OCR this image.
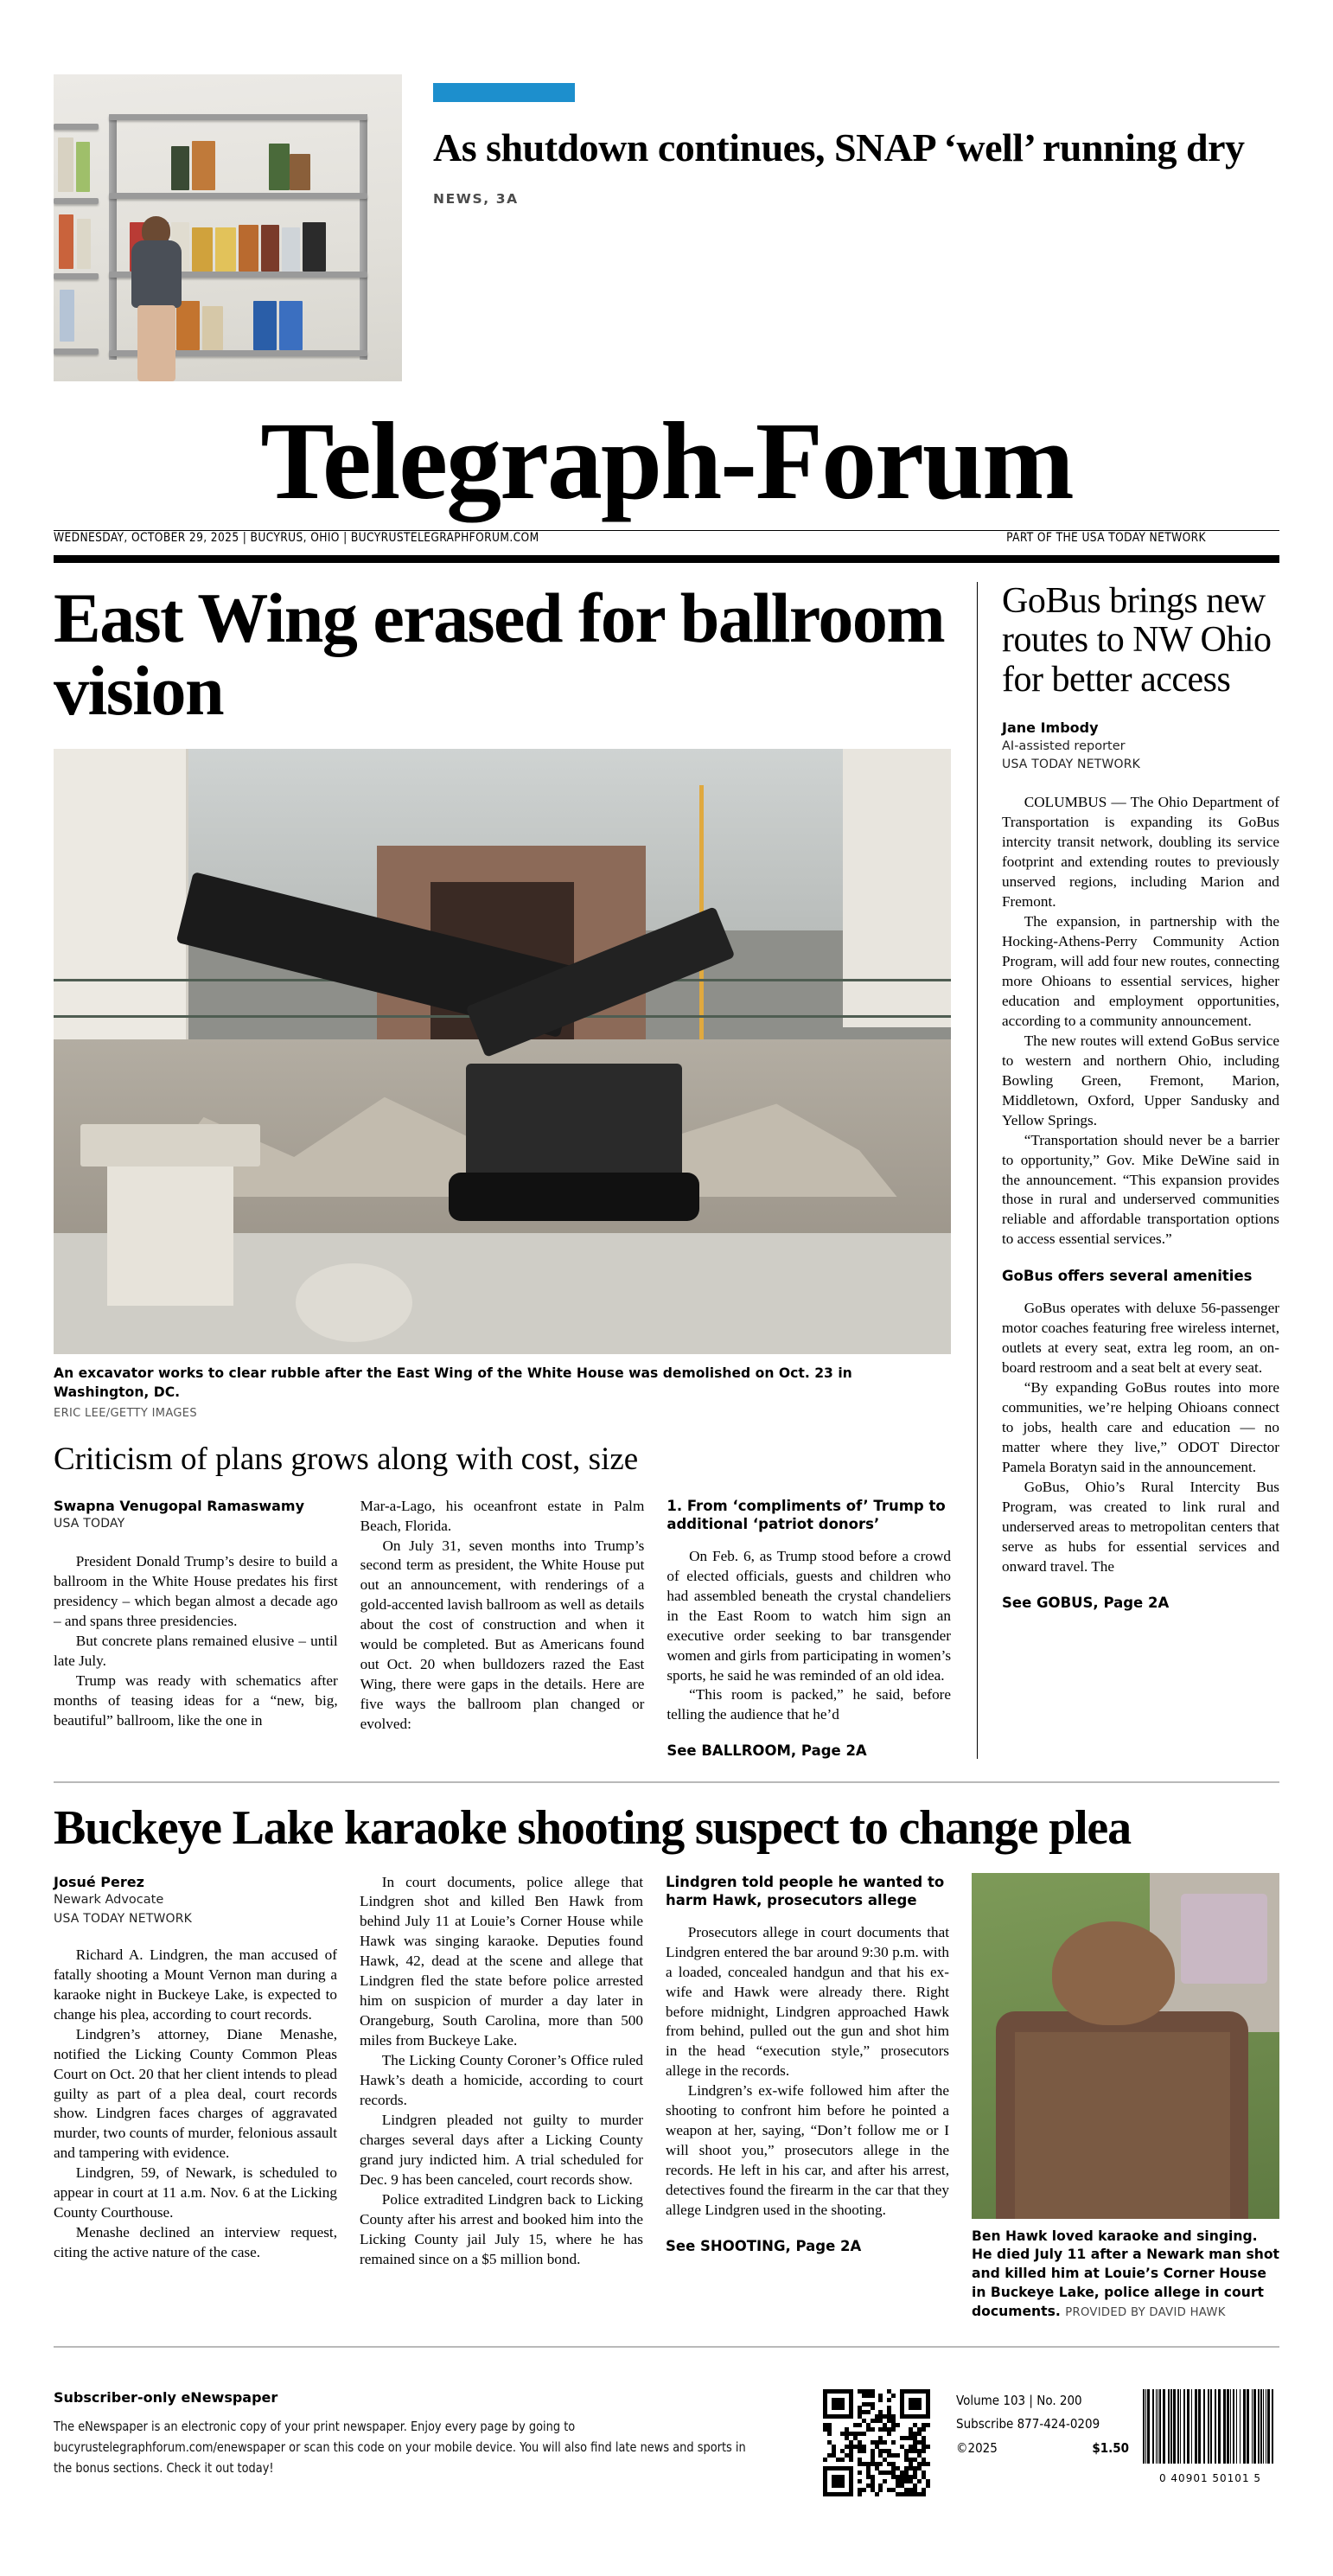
As shutdown continues, SNAP ‘well’ running dry
NEWS, 3A
Telegraph-Forum
WEDNESDAY, OCTOBER 29, 2025 | BUCYRUS, OHIO | BUCYRUSTELEGRAPHFORUM.COM	PART OF THE USA TODAY NETWORK
East Wing erased for ballroom vision
An excavator works to clear rubble after the East Wing of the White House was demolished on Oct. 23 in Washington, DC.
ERIC LEE/GETTY IMAGES
Criticism of plans grows along with cost, size
Swapna Venugopal Ramaswamy
USA TODAY

President Donald Trump’s desire to build a ballroom in the White House predates his first presidency – which began almost a decade ago – and spans three presidencies.

But concrete plans remained elusive – until late July.

Trump was ready with schematics after months of teasing ideas for a “new, big, beautiful” ballroom, like the one in

Mar-a-Lago, his oceanfront estate in Palm Beach, Florida.

On July 31, seven months into Trump’s second term as president, the White House put out an announcement, with renderings of a gold-accented lavish ballroom as well as details about the cost of construction and when it would be completed. But as Americans found out Oct. 20 when bulldozers razed the East Wing, there were gaps in the details. Here are five ways the ballroom plan changed or evolved:

1. From ‘compliments of’ Trump to additional ‘patriot donors’

On Feb. 6, as Trump stood before a crowd of elected officials, guests and children who had assembled beneath the crystal chandeliers in the East Room to watch him sign an executive order seeking to bar transgender women and girls from participating in women’s sports, he said he was reminded of an old idea.

“This room is packed,” he said, before telling the audience that he’d

See BALLROOM, Page 2A
GoBus brings new routes to NW Ohio for better access
Jane Imbody
AI-assisted reporter
USA TODAY NETWORK

COLUMBUS — The Ohio Department of Transportation is expanding its GoBus intercity transit network, doubling its service footprint and extending routes to previously unserved regions, including Marion and Fremont.

The expansion, in partnership with the Hocking-Athens-Perry Community Action Program, will add four new routes, connecting more Ohioans to essential services, higher education and employment opportunities, according to a community announcement.

The new routes will extend GoBus service to western and northern Ohio, including Bowling Green, Fremont, Marion, Middletown, Oxford, Upper Sandusky and Yellow Springs.

“Transportation should never be a barrier to opportunity,” Gov. Mike DeWine said in the announcement. “This expansion provides those in rural and underserved communities reliable and affordable transportation options to access essential services.”

GoBus offers several amenities

GoBus operates with deluxe 56-passenger motor coaches featuring free wireless internet, outlets at every seat, extra leg room, an on-board restroom and a seat belt at every seat.

“By expanding GoBus routes into more communities, we’re helping Ohioans connect to jobs, health care and education — no matter where they live,” ODOT Director Pamela Boratyn said in the announcement.

GoBus, Ohio’s Rural Intercity Bus Program, was created to link rural and underserved areas to metropolitan centers that serve as hubs for essential services and onward travel. The

See GOBUS, Page 2A
Buckeye Lake karaoke shooting suspect to change plea
Josué Perez
Newark Advocate
USA TODAY NETWORK

Richard A. Lindgren, the man accused of fatally shooting a Mount Vernon man during a karaoke night in Buckeye Lake, is expected to change his plea, according to court records.

Lindgren’s attorney, Diane Menashe, notified the Licking County Common Pleas Court on Oct. 20 that her client intends to plead guilty as part of a plea deal, court records show. Lindgren faces charges of aggravated murder, two counts of murder, felonious assault and tampering with evidence.

Lindgren, 59, of Newark, is scheduled to appear in court at 11 a.m. Nov. 6 at the Licking County Courthouse.

Menashe declined an interview request, citing the active nature of the case.

In court documents, police allege that Lindgren shot and killed Ben Hawk from behind July 11 at Louie’s Corner House while Hawk was singing karaoke. Deputies found Hawk, 42, dead at the scene and allege that Lindgren fled the state before police arrested him on suspicion of murder a day later in Orangeburg, South Carolina, more than 500 miles from Buckeye Lake.

The Licking County Coroner’s Office ruled Hawk’s death a homicide, according to court records.

Lindgren pleaded not guilty to murder charges several days after a Licking County grand jury indicted him. A trial scheduled for Dec. 9 has been canceled, court records show.

Police extradited Lindgren back to Licking County after his arrest and booked him into the Licking County jail July 15, where he has remained since on a $5 million bond.

Lindgren told people he wanted to harm Hawk, prosecutors allege

Prosecutors allege in court documents that Lindgren entered the bar around 9:30 p.m. with a loaded, concealed handgun and that his ex-wife and Hawk were already there. Right before midnight, Lindgren approached Hawk from behind, pulled out the gun and shot him in the head “execution style,” prosecutors allege in the records.

Lindgren’s ex-wife followed him after the shooting to confront him before he pointed a weapon at her, saying, “Don’t follow me or I will shoot you,” prosecutors allege in the records. He left in his car, and after his arrest, detectives found the firearm in the car that they allege Lindgren used in the shooting.

See SHOOTING, Page 2A
Ben Hawk loved karaoke and singing. He died July 11 after a Newark man shot and killed him at Louie’s Corner House in Buckeye Lake, police allege in court documents. PROVIDED BY DAVID HAWK
Subscriber-only eNewspaper
The eNewspaper is an electronic copy of your print newspaper. Enjoy every page by going to bucyrustelegraphforum.com/enewspaper or scan this code on your mobile device. You will also find late news and sports in the bonus sections. Check it out today!
Volume 103 | No. 200
Subscribe 877-424-0209
©2025	$1.50
0 40901 50101 5
